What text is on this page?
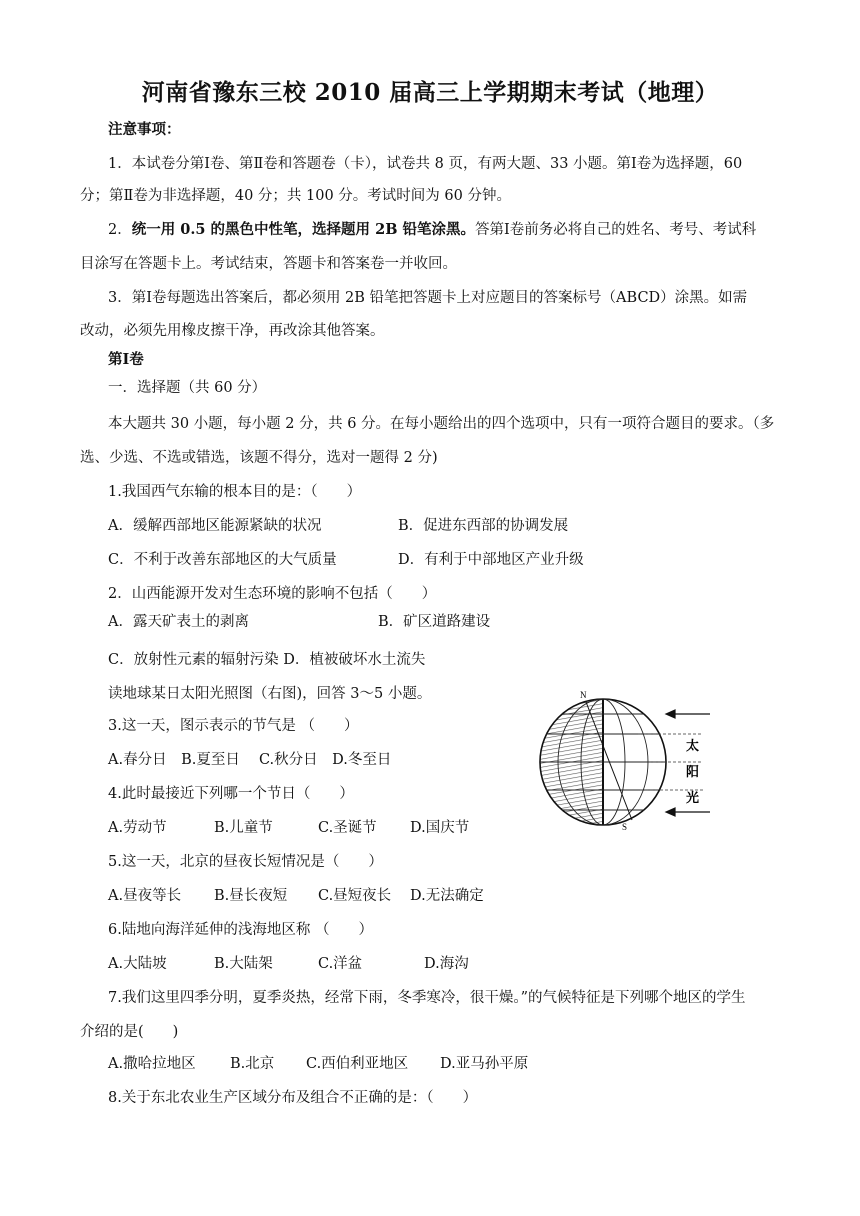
河南省豫东三校 2010 届高三上学期期末考试（地理）
注意事项：
1．本试卷分第Ⅰ卷、第Ⅱ卷和答题卷（卡），试卷共 8 页，有两大题、33 小题。第Ⅰ卷为选择题，60
分；第Ⅱ卷为非选择题，40 分；共 100 分。考试时间为 60 分钟。
2．统一用 0.5 的黑色中性笔，选择题用 2B 铅笔涂黑。答第Ⅰ卷前务必将自己的姓名、考号、考试科
目涂写在答题卡上。考试结束，答题卡和答案卷一并收回。
3．第Ⅰ卷每题选出答案后，都必须用 2B 铅笔把答题卡上对应题目的答案标号（ABCD）涂黑。如需
改动，必须先用橡皮擦干净，再改涂其他答案。
第Ⅰ卷
一．选择题（共 60 分）
本大题共 30 小题，每小题 2 分，共 6 分。在每小题给出的四个选项中，只有一项符合题目的要求。（多
选、少选、不选或错选，该题不得分，选对一题得 2 分)
1.我国西气东输的根本目的是：（　　）
A．缓解西部地区能源紧缺的状况	B．促进东西部的协调发展
C．不利于改善东部地区的大气质量	D．有利于中部地区产业升级
2．山西能源开发对生态环境的影响不包括（　　）
A．露天矿表土的剥离	B．矿区道路建设
C．放射性元素的辐射污染 D．植被破坏水土流失
读地球某日太阳光照图（右图)，回答 3～5 小题。
3.这一天，图示表示的节气是 （　　）
A.春分日　B.夏至日　 C.秋分日　D.冬至日
4.此时最接近下列哪一个节日（　　）
A.劳动节	B.儿童节	C.圣诞节 D.国庆节
5.这一天，北京的昼夜长短情况是（　　）
A.昼夜等长 B.昼长夜短 C.昼短夜长 D.无法确定
6.陆地向海洋延伸的浅海地区称 （　　）
A.大陆坡	B.大陆架	C.洋盆	D.海沟
7.我们这里四季分明，夏季炎热，经常下雨，冬季寒冷，很干燥。”的气候特征是下列哪个地区的学生
介绍的是(　　)
A.撒哈拉地区 B.北京 C.西伯利亚地区 D.亚马孙平原
8.关于东北农业生产区域分布及组合不正确的是：（　　）
N
S
太
阳
光
